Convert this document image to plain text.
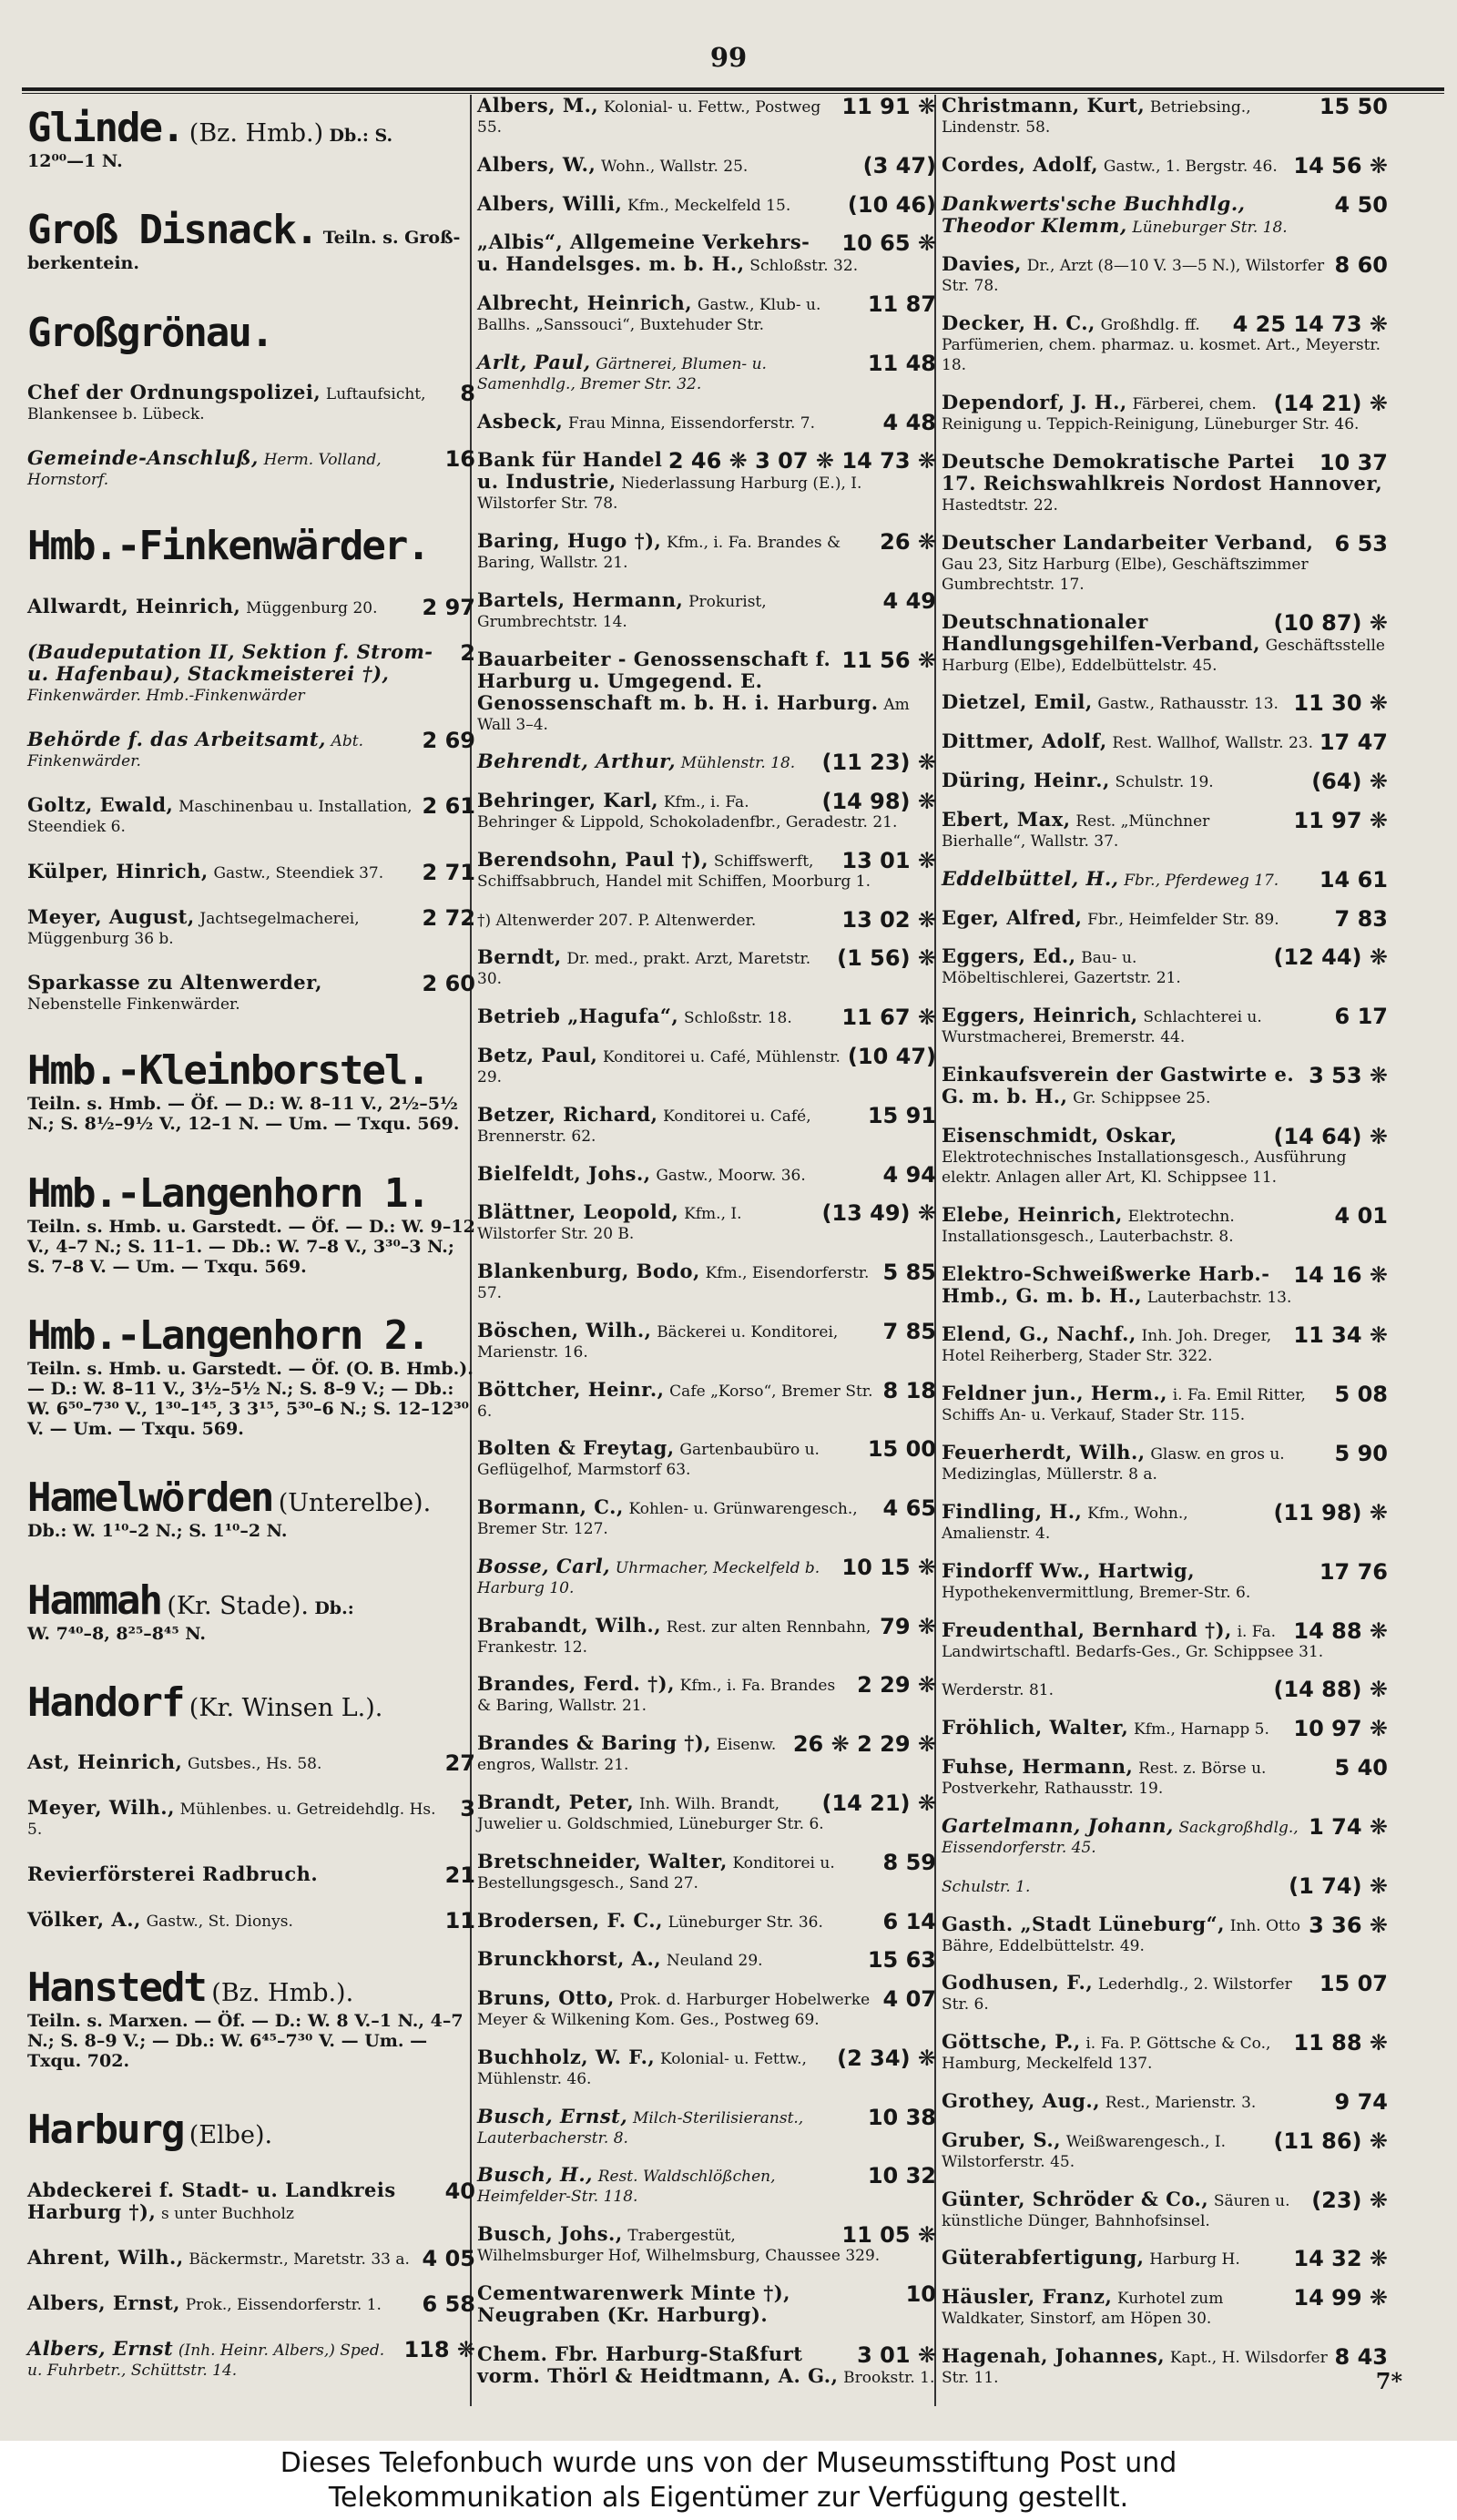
99
Glinde. (Bz. Hmb.) Db.: S.
12⁰⁰—1 N.
Groß Disnack. Teiln. s. Groß-
berkentein.
Großgrönau.
8
Chef der Ordnungspolizei, Luftaufsicht, Blankensee b. Lübeck.
16
Gemeinde-Anschluß, Herm. Volland, Hornstorf.
Hmb.-Finkenwärder.
2 97
Allwardt, Heinrich, Müggenburg 20.
2
(Baudeputation II, Sektion f. Strom- u. Hafenbau), Stackmeisterei †), Finkenwärder. Hmb.-Finkenwärder
2 69
Behörde f. das Arbeitsamt, Abt. Finkenwärder.
2 61
Goltz, Ewald, Maschinenbau u. Installation, Steendiek 6.
2 71
Külper, Hinrich, Gastw., Steendiek 37.
2 72
Meyer, August, Jachtsegelmacherei, Müggenburg 36 b.
2 60
Sparkasse zu Altenwerder, Nebenstelle Finkenwärder.
Hmb.-Kleinborstel.
Teiln. s. Hmb. — Öf. — D.: W. 8–11 V., 2½–5½ N.; S. 8½–9½ V., 12–1 N. — Um. — Txqu. 569.
Hmb.-Langenhorn 1.
Teiln. s. Hmb. u. Garstedt. — Öf. — D.: W. 9–12 V., 4–7 N.; S. 11–1. — Db.: W. 7–8 V., 3³⁰–3 N.; S. 7–8 V. — Um. — Txqu. 569.
Hmb.-Langenhorn 2.
Teiln. s. Hmb. u. Garstedt. — Öf. (O. B. Hmb.). — D.: W. 8–11 V., 3½–5½ N.; S. 8–9 V.; — Db.: W. 6⁵⁰–7³⁰ V., 1³⁰–1⁴⁵, 3 3¹⁵, 5³⁰–6 N.; S. 12–12³⁰ V. — Um. — Txqu. 569.
Hamelwörden (Unterelbe).
Db.: W. 1¹⁰–2 N.; S. 1¹⁰–2 N.
Hammah (Kr. Stade). Db.:
W. 7⁴⁰–8, 8²⁵–8⁴⁵ N.
Handorf (Kr. Winsen L.).
27
Ast, Heinrich, Gutsbes., Hs. 58.
3
Meyer, Wilh., Mühlenbes. u. Getreidehdlg. Hs. 5.
21
Revierförsterei Radbruch.
11
Völker, A., Gastw., St. Dionys.
Hanstedt (Bz. Hmb.).
Teiln. s. Marxen. — Öf. — D.: W. 8 V.–1 N., 4–7 N.; S. 8–9 V.; — Db.: W. 6⁴⁵–7³⁰ V. — Um. — Txqu. 702.
Harburg (Elbe).
40
Abdeckerei f. Stadt- u. Landkreis Harburg †), s unter Buchholz
4 05
Ahrent, Wilh., Bäckermstr., Maretstr. 33 a.
6 58
Albers, Ernst, Prok., Eissendorferstr. 1.
118 ❋
Albers, Ernst (Inh. Heinr. Albers,) Sped. u. Fuhrbetr., Schüttstr. 14.
11 91 ❋
Albers, M., Kolonial- u. Fettw., Postweg 55.
(3 47)
Albers, W., Wohn., Wallstr. 25.
(10 46)
Albers, Willi, Kfm., Meckelfeld 15.
10 65 ❋
„Albis“, Allgemeine Verkehrs- u. Handelsges. m. b. H., Schloßstr. 32.
11 87
Albrecht, Heinrich, Gastw., Klub- u. Ballhs. „Sanssouci“, Buxtehuder Str.
11 48
Arlt, Paul, Gärtnerei, Blumen- u. Samenhdlg., Bremer Str. 32.
4 48
Asbeck, Frau Minna, Eissendorferstr. 7.
2 46 ❋ 3 07 ❋ 14 73 ❋
Bank für Handel u. Industrie, Niederlassung Harburg (E.), I. Wilstorfer Str. 78.
26 ❋
Baring, Hugo †), Kfm., i. Fa. Brandes & Baring, Wallstr. 21.
4 49
Bartels, Hermann, Prokurist, Grumbrechtstr. 14.
11 56 ❋
Bauarbeiter - Genossenschaft f. Harburg u. Umgegend. E. Genossenschaft m. b. H. i. Harburg. Am Wall 3–4.
(11 23) ❋
Behrendt, Arthur, Mühlenstr. 18.
(14 98) ❋
Behringer, Karl, Kfm., i. Fa. Behringer & Lippold, Schokoladenfbr., Geradestr. 21.
13 01 ❋
Berendsohn, Paul †), Schiffswerft, Schiffsabbruch, Handel mit Schiffen, Moorburg 1.
13 02 ❋
†) Altenwerder 207. P. Altenwerder.
(1 56) ❋
Berndt, Dr. med., prakt. Arzt, Maretstr. 30.
11 67 ❋
Betrieb „Hagufa“, Schloßstr. 18.
(10 47)
Betz, Paul, Konditorei u. Café, Mühlenstr. 29.
15 91
Betzer, Richard, Konditorei u. Café, Brennerstr. 62.
4 94
Bielfeldt, Johs., Gastw., Moorw. 36.
(13 49) ❋
Blättner, Leopold, Kfm., I. Wilstorfer Str. 20 B.
5 85
Blankenburg, Bodo, Kfm., Eisendorferstr. 57.
7 85
Böschen, Wilh., Bäckerei u. Konditorei, Marienstr. 16.
8 18
Böttcher, Heinr., Cafe „Korso“, Bremer Str. 6.
15 00
Bolten & Freytag, Gartenbaubüro u. Geflügelhof, Marmstorf 63.
4 65
Bormann, C., Kohlen- u. Grünwarengesch., Bremer Str. 127.
10 15 ❋
Bosse, Carl, Uhrmacher, Meckelfeld b. Harburg 10.
79 ❋
Brabandt, Wilh., Rest. zur alten Rennbahn, Frankestr. 12.
2 29 ❋
Brandes, Ferd. †), Kfm., i. Fa. Brandes & Baring, Wallstr. 21.
26 ❋ 2 29 ❋
Brandes & Baring †), Eisenw. engros, Wallstr. 21.
(14 21) ❋
Brandt, Peter, Inh. Wilh. Brandt, Juwelier u. Goldschmied, Lüneburger Str. 6.
8 59
Bretschneider, Walter, Konditorei u. Bestellungsgesch., Sand 27.
6 14
Brodersen, F. C., Lüneburger Str. 36.
15 63
Brunckhorst, A., Neuland 29.
4 07
Bruns, Otto, Prok. d. Harburger Hobelwerke Meyer & Wilkening Kom. Ges., Postweg 69.
(2 34) ❋
Buchholz, W. F., Kolonial- u. Fettw., Mühlenstr. 46.
10 38
Busch, Ernst, Milch-Sterilisieranst., Lauterbacherstr. 8.
10 32
Busch, H., Rest. Waldschlößchen, Heimfelder-Str. 118.
11 05 ❋
Busch, Johs., Trabergestüt, Wilhelmsburger Hof, Wilhelmsburg, Chaussee 329.
10
Cementwarenwerk Minte †), Neugraben (Kr. Harburg).
3 01 ❋
Chem. Fbr. Harburg-Staßfurt vorm. Thörl & Heidtmann, A. G., Brookstr. 1.
15 50
Christmann, Kurt, Betriebsing., Lindenstr. 58.
14 56 ❋
Cordes, Adolf, Gastw., 1. Bergstr. 46.
4 50
Dankwerts'sche Buchhdlg., Theodor Klemm, Lüneburger Str. 18.
8 60
Davies, Dr., Arzt (8—10 V. 3—5 N.), Wilstorfer Str. 78.
4 25 14 73 ❋
Decker, H. C., Großhdlg. ff. Parfümerien, chem. pharmaz. u. kosmet. Art., Meyerstr. 18.
(14 21) ❋
Dependorf, J. H., Färberei, chem. Reinigung u. Teppich-Reinigung, Lüneburger Str. 46.
10 37
Deutsche Demokratische Partei 17. Reichswahlkreis Nordost Hannover, Hastedtstr. 22.
6 53
Deutscher Landarbeiter Verband, Gau 23, Sitz Harburg (Elbe), Geschäftszimmer Gumbrechtstr. 17.
(10 87) ❋
Deutschnationaler Handlungsgehilfen-Verband, Geschäftsstelle Harburg (Elbe), Eddelbüttelstr. 45.
11 30 ❋
Dietzel, Emil, Gastw., Rathausstr. 13.
17 47
Dittmer, Adolf, Rest. Wallhof, Wallstr. 23.
(64) ❋
Düring, Heinr., Schulstr. 19.
11 97 ❋
Ebert, Max, Rest. „Münchner Bierhalle“, Wallstr. 37.
14 61
Eddelbüttel, H., Fbr., Pferdeweg 17.
7 83
Eger, Alfred, Fbr., Heimfelder Str. 89.
(12 44) ❋
Eggers, Ed., Bau- u. Möbeltischlerei, Gazertstr. 21.
6 17
Eggers, Heinrich, Schlachterei u. Wurstmacherei, Bremerstr. 44.
3 53 ❋
Einkaufsverein der Gastwirte e. G. m. b. H., Gr. Schippsee 25.
(14 64) ❋
Eisenschmidt, Oskar, Elektrotechnisches Installationsgesch., Ausführung elektr. Anlagen aller Art, Kl. Schippsee 11.
4 01
Elebe, Heinrich, Elektrotechn. Installationsgesch., Lauterbachstr. 8.
14 16 ❋
Elektro-Schweißwerke Harb.-Hmb., G. m. b. H., Lauterbachstr. 13.
11 34 ❋
Elend, G., Nachf., Inh. Joh. Dreger, Hotel Reiherberg, Stader Str. 322.
5 08
Feldner jun., Herm., i. Fa. Emil Ritter, Schiffs An- u. Verkauf, Stader Str. 115.
5 90
Feuerherdt, Wilh., Glasw. en gros u. Medizinglas, Müllerstr. 8 a.
(11 98) ❋
Findling, H., Kfm., Wohn., Amalienstr. 4.
17 76
Findorff Ww., Hartwig, Hypothekenvermittlung, Bremer-Str. 6.
14 88 ❋
Freudenthal, Bernhard †), i. Fa. Landwirtschaftl. Bedarfs-Ges., Gr. Schippsee 31.
(14 88) ❋
Werderstr. 81.
10 97 ❋
Fröhlich, Walter, Kfm., Harnapp 5.
5 40
Fuhse, Hermann, Rest. z. Börse u. Postverkehr, Rathausstr. 19.
1 74 ❋
Gartelmann, Johann, Sackgroßhdlg., Eissendorferstr. 45.
(1 74) ❋
Schulstr. 1.
3 36 ❋
Gasth. „Stadt Lüneburg“, Inh. Otto Bähre, Eddelbüttelstr. 49.
15 07
Godhusen, F., Lederhdlg., 2. Wilstorfer Str. 6.
11 88 ❋
Göttsche, P., i. Fa. P. Göttsche & Co., Hamburg, Meckelfeld 137.
9 74
Grothey, Aug., Rest., Marienstr. 3.
(11 86) ❋
Gruber, S., Weißwarengesch., I. Wilstorferstr. 45.
(23) ❋
Günter, Schröder & Co., Säuren u. künstliche Dünger, Bahnhofsinsel.
14 32 ❋
Güterabfertigung, Harburg H.
14 99 ❋
Häusler, Franz, Kurhotel zum Waldkater, Sinstorf, am Höpen 30.
8 43
Hagenah, Johannes, Kapt., H. Wilsdorfer Str. 11.	7*
Dieses Telefonbuch wurde uns von der Museumsstiftung Post und
Telekommunikation als Eigentümer zur Verfügung gestellt.
